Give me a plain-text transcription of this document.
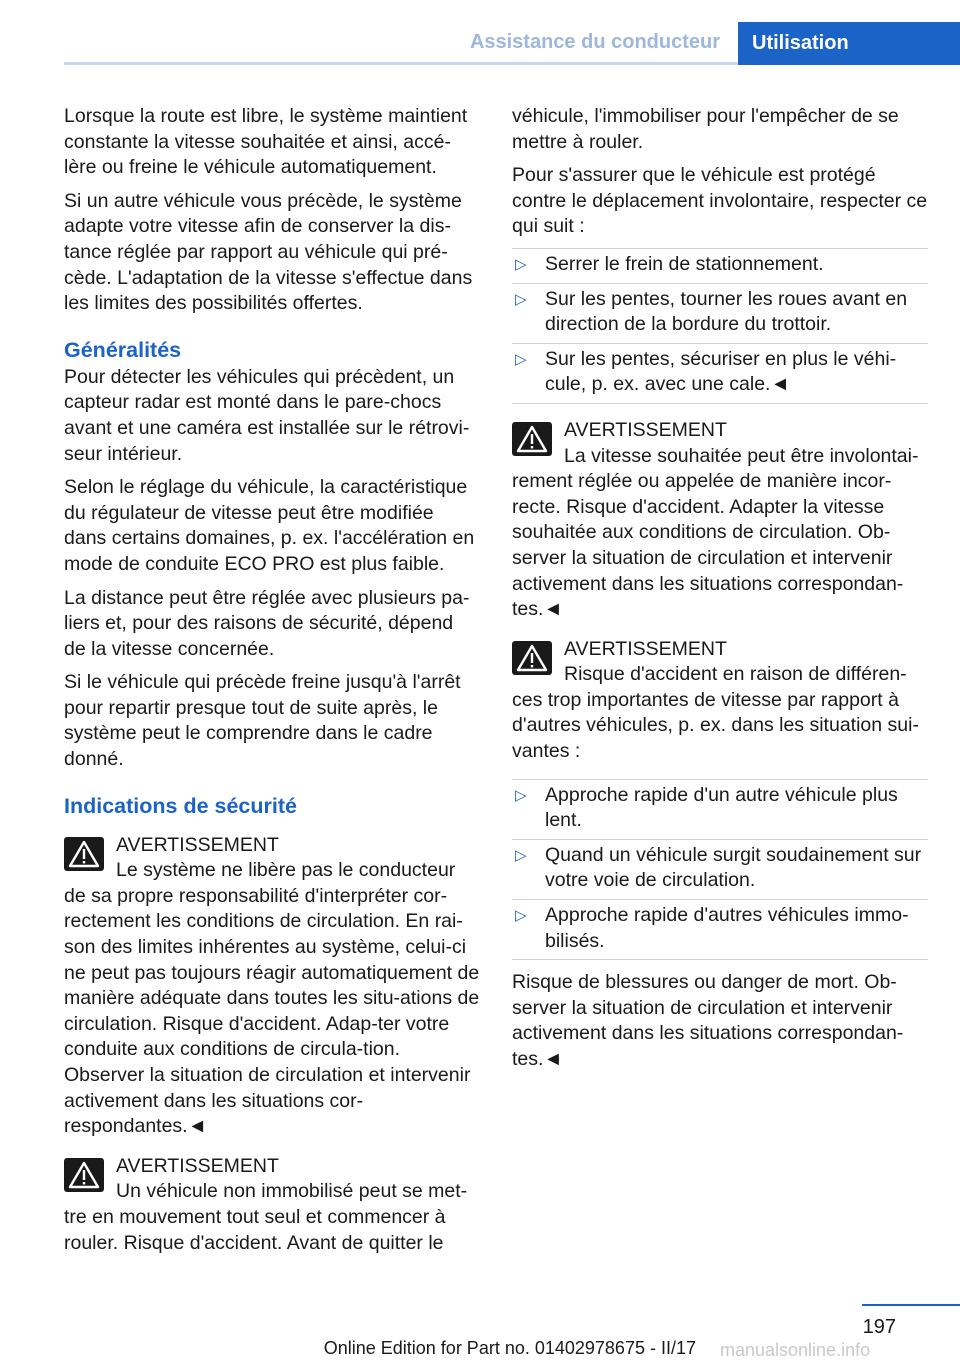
Assistance du conducteur	Utilisation

Lorsque la route est libre, le système maintient constante la vitesse souhaitée et ainsi, accé‐lère ou freine le véhicule automatiquement.

Si un autre véhicule vous précède, le système adapte votre vitesse afin de conserver la dis‐tance réglée par rapport au véhicule qui pré‐cède. L'adaptation de la vitesse s'effectue dans les limites des possibilités offertes.

Généralités

Pour détecter les véhicules qui précèdent, un capteur radar est monté dans le pare-chocs avant et une caméra est installée sur le rétrovi‐seur intérieur.

Selon le réglage du véhicule, la caractéristique du régulateur de vitesse peut être modifiée dans certains domaines, p. ex. l'accélération en mode de conduite ECO PRO est plus faible.

La distance peut être réglée avec plusieurs pa‐liers et, pour des raisons de sécurité, dépend de la vitesse concernée.

Si le véhicule qui précède freine jusqu'à l'arrêt pour repartir presque tout de suite après, le système peut le comprendre dans le cadre donné.

Indications de sécurité
AVERTISSEMENT

Le système ne libère pas le conducteur de sa propre responsabilité d'interpréter cor‐rectement les conditions de circulation. En rai‐son des limites inhérentes au système, celui-ci ne peut pas toujours réagir automatiquement de manière adéquate dans toutes les situ‐ations de circulation. Risque d'accident. Adap‐ter votre conduite aux conditions de circula‐tion. Observer la situation de circulation et intervenir activement dans les situations cor‐respondantes.◄

AVERTISSEMENT

Un véhicule non immobilisé peut se met‐tre en mouvement tout seul et commencer à rouler. Risque d'accident. Avant de quitter le

véhicule, l'immobiliser pour l'empêcher de se mettre à rouler.

Pour s'assurer que le véhicule est protégé contre le déplacement involontaire, respecter ce qui suit :

▷ Serrer le frein de stationnement.
▷ Sur les pentes, tourner les roues avant en direction de la bordure du trottoir.
▷ Sur les pentes, sécuriser en plus le véhi‐cule, p. ex. avec une cale.◄
AVERTISSEMENT

La vitesse souhaitée peut être involontai‐rement réglée ou appelée de manière incor‐recte. Risque d'accident. Adapter la vitesse souhaitée aux conditions de circulation. Ob‐server la situation de circulation et intervenir activement dans les situations correspondan‐tes.◄

AVERTISSEMENT

Risque d'accident en raison de différen‐ces trop importantes de vitesse par rapport à d'autres véhicules, p. ex. dans les situation sui‐vantes :

▷ Approche rapide d'un autre véhicule plus lent.
▷ Quand un véhicule surgit soudainement sur votre voie de circulation.
▷ Approche rapide d'autres véhicules immo‐bilisés.

Risque de blessures ou danger de mort. Ob‐server la situation de circulation et intervenir activement dans les situations correspondan‐tes.◄

197
Online Edition for Part no. 01402978675 - II/17 manualsonline.info
